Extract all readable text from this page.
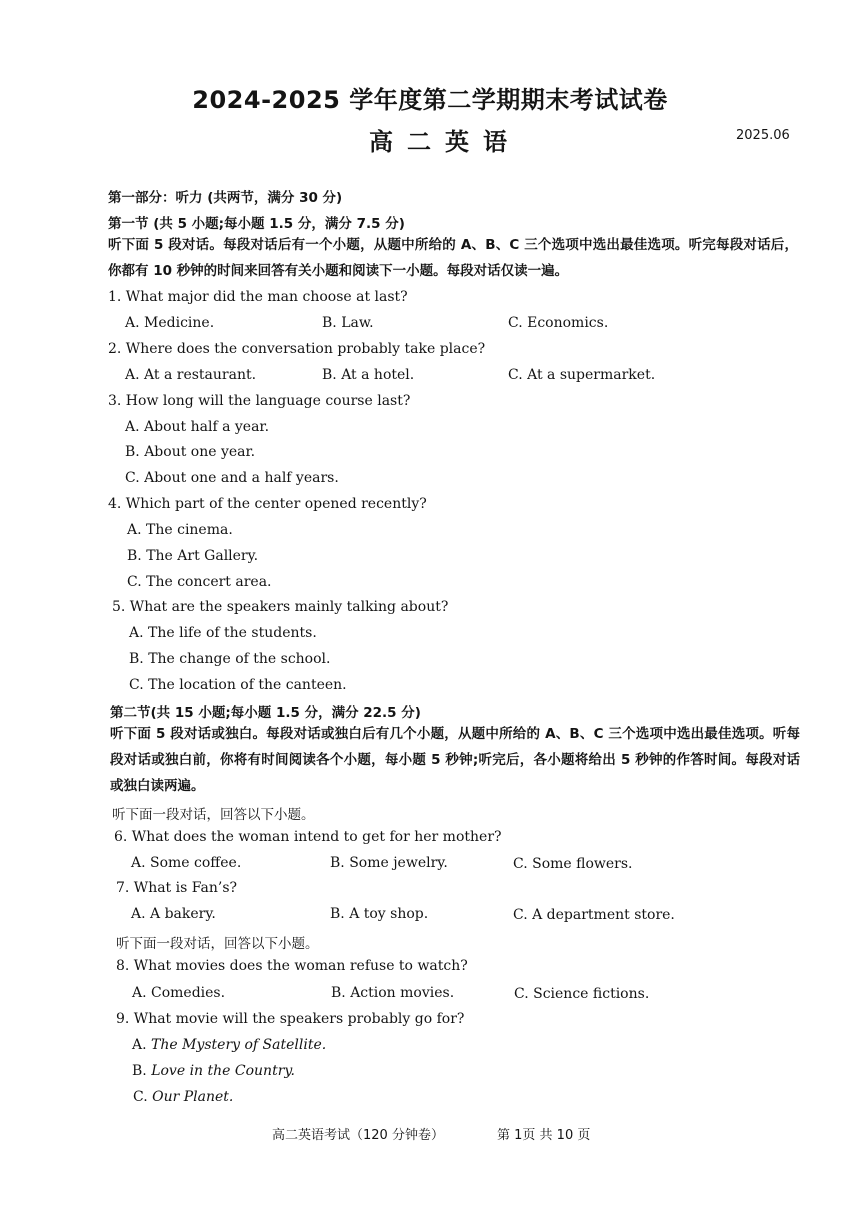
2024-2025 学年度第二学期期末考试试卷
高二英语	2025.06
第一部分：听力 (共两节，满分 30 分)
第一节 (共 5 小题;每小题 1.5 分，满分 7.5 分)
听下面 5 段对话。每段对话后有一个小题，从题中所给的 A、B、C 三个选项中选出最佳选项。听完每段对话后，你都有 10 秒钟的时间来回答有关小题和阅读下一小题。每段对话仅读一遍。
1. What major did the man choose at last?
A. Medicine.	B. Law.	C. Economics.
2. Where does the conversation probably take place?
A. At a restaurant.	B. At a hotel.	C. At a supermarket.
3. How long will the language course last?
A. About half a year.
B. About one year.
C. About one and a half years.
4. Which part of the center opened recently?
A. The cinema.
B. The Art Gallery.
C. The concert area.
5. What are the speakers mainly talking about?
A. The life of the students.
B. The change of the school.
C. The location of the canteen.
第二节(共 15 小题;每小题 1.5 分，满分 22.5 分)
听下面 5 段对话或独白。每段对话或独白后有几个小题，从题中所给的 A、B、C 三个选项中选出最佳选项。听每段对话或独白前，你将有时间阅读各个小题，每小题 5 秒钟;听完后，各小题将给出 5 秒钟的作答时间。每段对话或独白读两遍。
听下面一段对话，回答以下小题。
6. What does the woman intend to get for her mother?
A. Some coffee.	B. Some jewelry.	C. Some flowers.
7. What is Fan’s?
A. A bakery.	B. A toy shop.	C. A department store.
听下面一段对话，回答以下小题。
8. What movies does the woman refuse to watch?
A. Comedies.	B. Action movies.	C. Science fictions.
9. What movie will the speakers probably go for?
A. The Mystery of Satellite.
B. Love in the Country.
C. Our Planet.
高二英语考试（120 分钟卷）	第 1页 共 10 页
